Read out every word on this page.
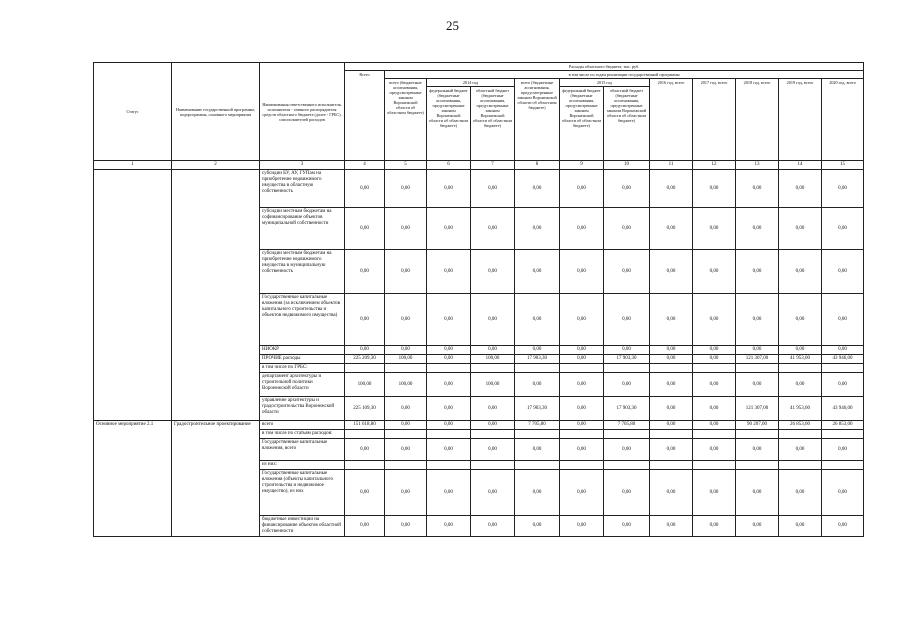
25
Статус	Наименование государственной программы, подпрограммы, основного мероприятия	Наименования ответственного исполнителя, исполнителя - главного распорядителя средств областного бюджета (далее - ГРБС), соисполнителей расходов	Расходы областного бюджета, тыс. руб.											
			Всего	в том числе по годам реализации государственной программы										
				всего (бюджетные ассигнования, предусмотренные законом Воронежской области об областном бюджете)	2014 год		всего (бюджетные ассигнования, предусмотренные законом Воронежской области об областном бюджете)	2015 год		2016 год, всего	2017 год, всего	2018 год, всего	2019 год, всего	2020 год, всего
					федеральный бюджет (бюджетные ассигнования, предусмотренные законом Воронежской области об областном бюджете)	областной бюджет (бюджетные ассигнования, предусмотренные законом Воронежской области об областном бюджете)		федеральный бюджет (бюджетные ассигнования, предусмотренные законом Воронежской области об областном бюджете)	областной бюджет (бюджетные ассигнования, предусмотренные законом Воронежской области об областном бюджете)					
1	2	3	4	5	6	7	8	9	10	11	12	13	14	15
		субсидии БУ, АУ, ГУПам на приобретение недвижимого имущества в областную собственность	0,00	0,00	0,00	0,00	0,00	0,00	0,00	0,00	0,00	0,00	0,00	0,00
		субсидии местным бюджетам на софинансирование объектов муниципальной собственности	0,00	0,00	0,00	0,00	0,00	0,00	0,00	0,00	0,00	0,00	0,00	0,00
		субсидии местным бюджетам на приобретение недвижимого имущества в муниципальную собственность	0,00	0,00	0,00	0,00	0,00	0,00	0,00	0,00	0,00	0,00	0,00	0,00
		Государственные капитальные вложения (за исключением объектов капитального строительства и объектов недвижимого имущества)	0,00	0,00	0,00	0,00	0,00	0,00	0,00	0,00	0,00	0,00	0,00	0,00
		НИОКР	0,00	0,00	0,00	0,00	0,00	0,00	0,00	0,00	0,00	0,00	0,00	0,00
		ПРОЧИЕ расходы	225 209,30	100,00	0,00	100,00	17 903,30	0,00	17 903,30	0,00	0,00	121 307,00	41 953,00	43 946,00
		в том числе по ГРБС:												
		департамент архитектуры и строительной политики Воронежской области	100,00	100,00	0,00	100,00	0,00	0,00	0,00	0,00	0,00	0,00	0,00	0,00
		управление архитектуры и градостроительства Воронежской области	225 109,30	0,00	0,00	0,00	17 903,30	0,00	17 903,30	0,00	0,00	121 307,00	41 953,00	43 946,00
Основное мероприятие 2.1	Градостроительное проектирование	всего	151 618,80	0,00	0,00	0,00	7 705,80	0,00	7 705,80	0,00	0,00	90 207,00	26 853,00	26 853,00
		в том числе по статьям расходов:												
		Государственные капитальные вложения, всего	0,00	0,00	0,00	0,00	0,00	0,00	0,00	0,00	0,00	0,00	0,00	0,00
		из них:												
		Государственные капитальные вложения (объекты капитального строительства и недвижимое имущество), из них	0,00	0,00	0,00	0,00	0,00	0,00	0,00	0,00	0,00	0,00	0,00	0,00
		бюджетные инвестиции на финансирование объектов областной собственности	0,00	0,00	0,00	0,00	0,00	0,00	0,00	0,00	0,00	0,00	0,00	0,00
